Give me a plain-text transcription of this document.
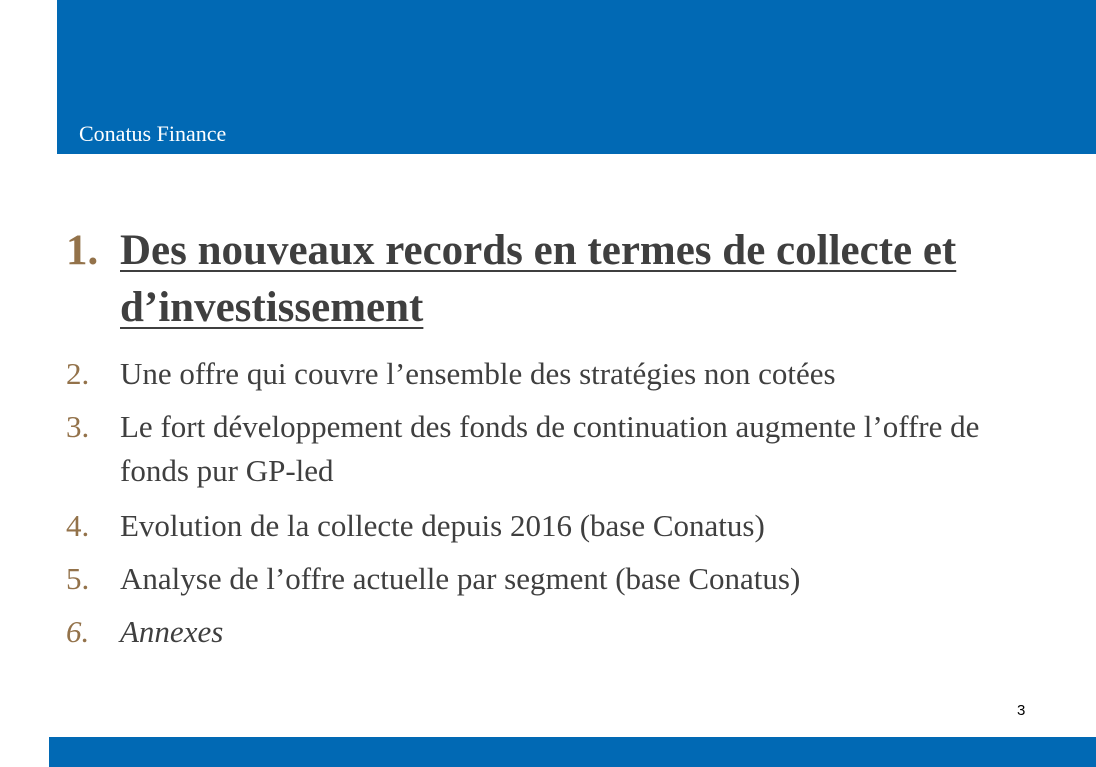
Conatus Finance
1. Des nouveaux records en termes de collecte et d’investissement
2. Une offre qui couvre l’ensemble des stratégies non cotées
3. Le fort développement des fonds de continuation augmente l’offre de fonds pur GP-led
4. Evolution de la collecte depuis 2016 (base Conatus)
5. Analyse de l’offre actuelle par segment (base Conatus)
6. Annexes
3
